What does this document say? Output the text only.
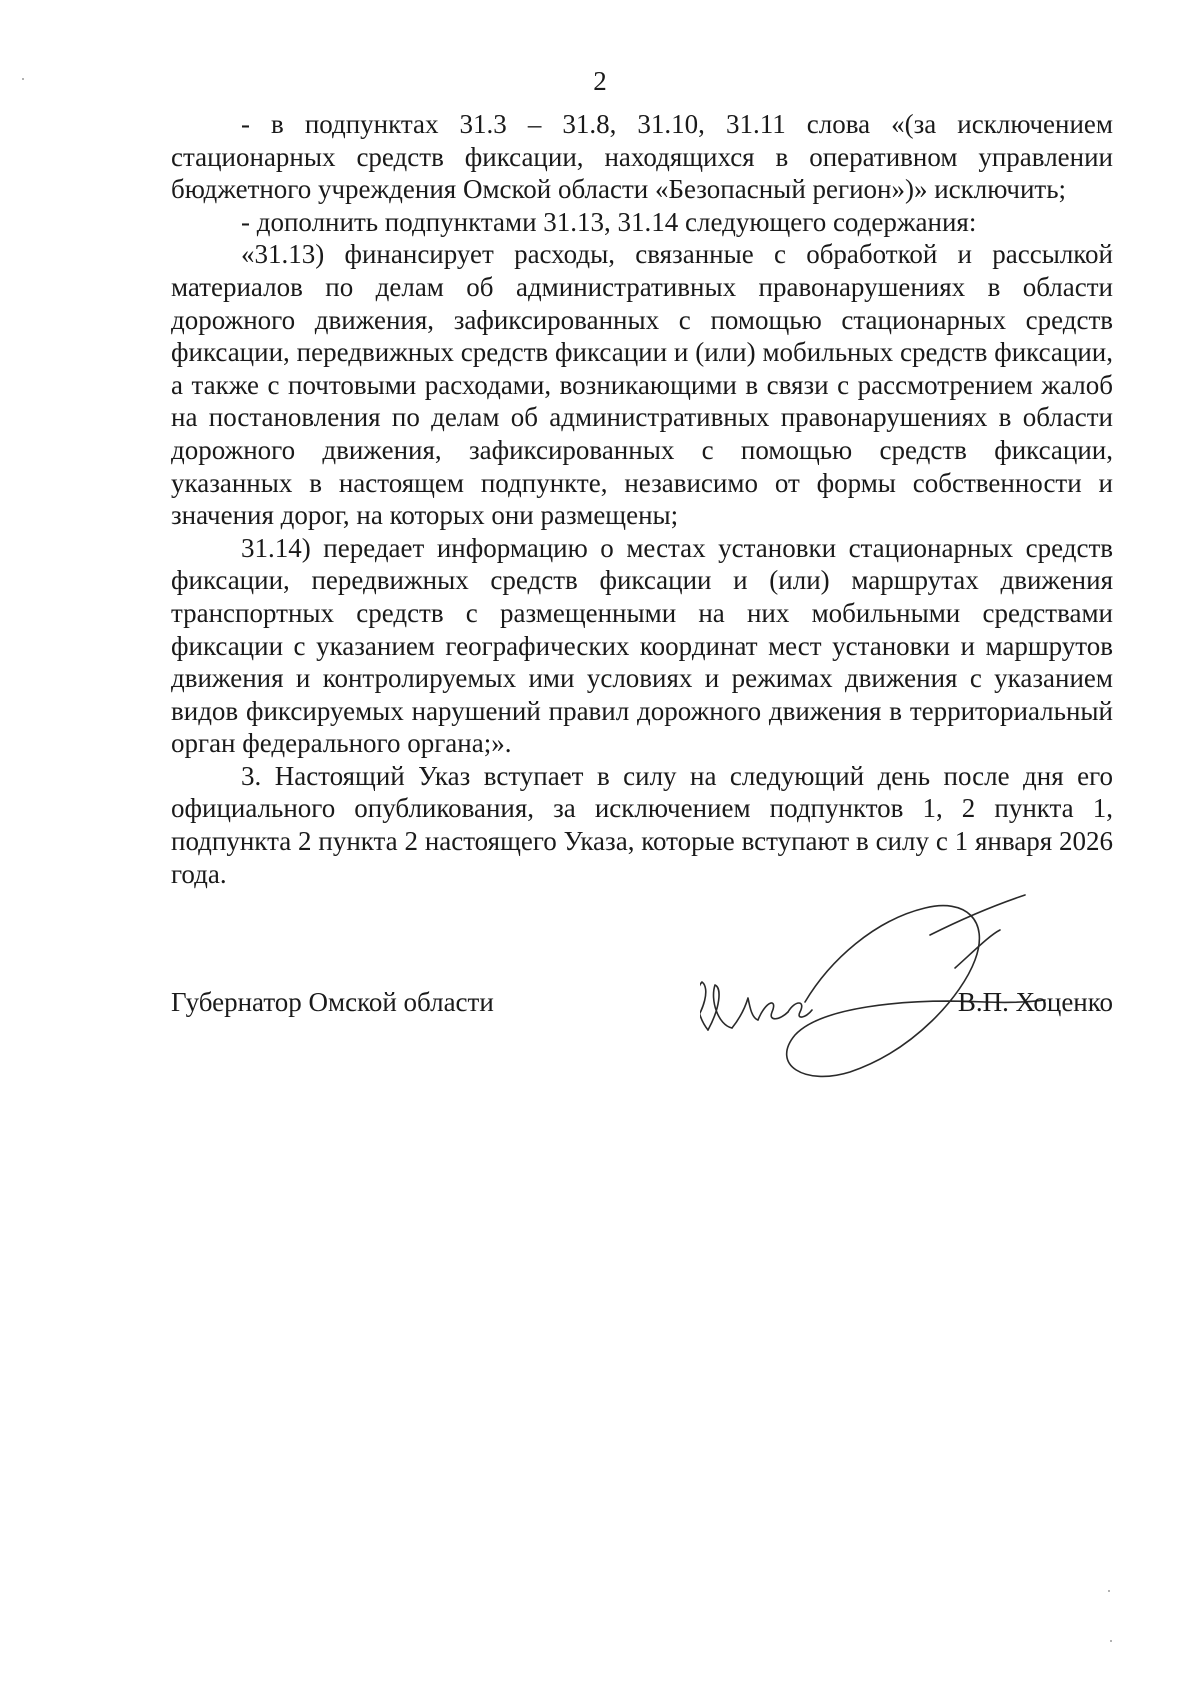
2

- в подпунктах 31.3 – 31.8, 31.10, 31.11 слова «(за исключением стационарных средств фиксации, находящихся в оперативном управлении бюджетного учреждения Омской области «Безопасный регион»)» исключить;

- дополнить подпунктами 31.13, 31.14 следующего содержания:

«31.13) финансирует расходы, связанные с обработкой и рассылкой материалов по делам об административных правонарушениях в области дорожного движения, зафиксированных с помощью стационарных средств фиксации, передвижных средств фиксации и (или) мобильных средств фиксации, а также с почтовыми расходами, возникающими в связи с рассмотрением жалоб на постановления по делам об административных правонарушениях в области дорожного движения, зафиксированных с помощью средств фиксации, указанных в настоящем подпункте, независимо от формы собственности и значения дорог, на которых они размещены;

31.14) передает информацию о местах установки стационарных средств фиксации, передвижных средств фиксации и (или) маршрутах движения транспортных средств с размещенными на них мобильными средствами фиксации с указанием географических координат мест установки и маршрутов движения и контролируемых ими условиях и режимах движения с указанием видов фиксируемых нарушений правил дорожного движения в территориальный орган федерального органа;».

3. Настоящий Указ вступает в силу на следующий день после дня его официального опубликования, за исключением подпунктов 1, 2 пункта 1, подпункта 2 пункта 2 настоящего Указа, которые вступают в силу с 1 января 2026 года.

Губернатор Омской области	В.П. Хоценко
